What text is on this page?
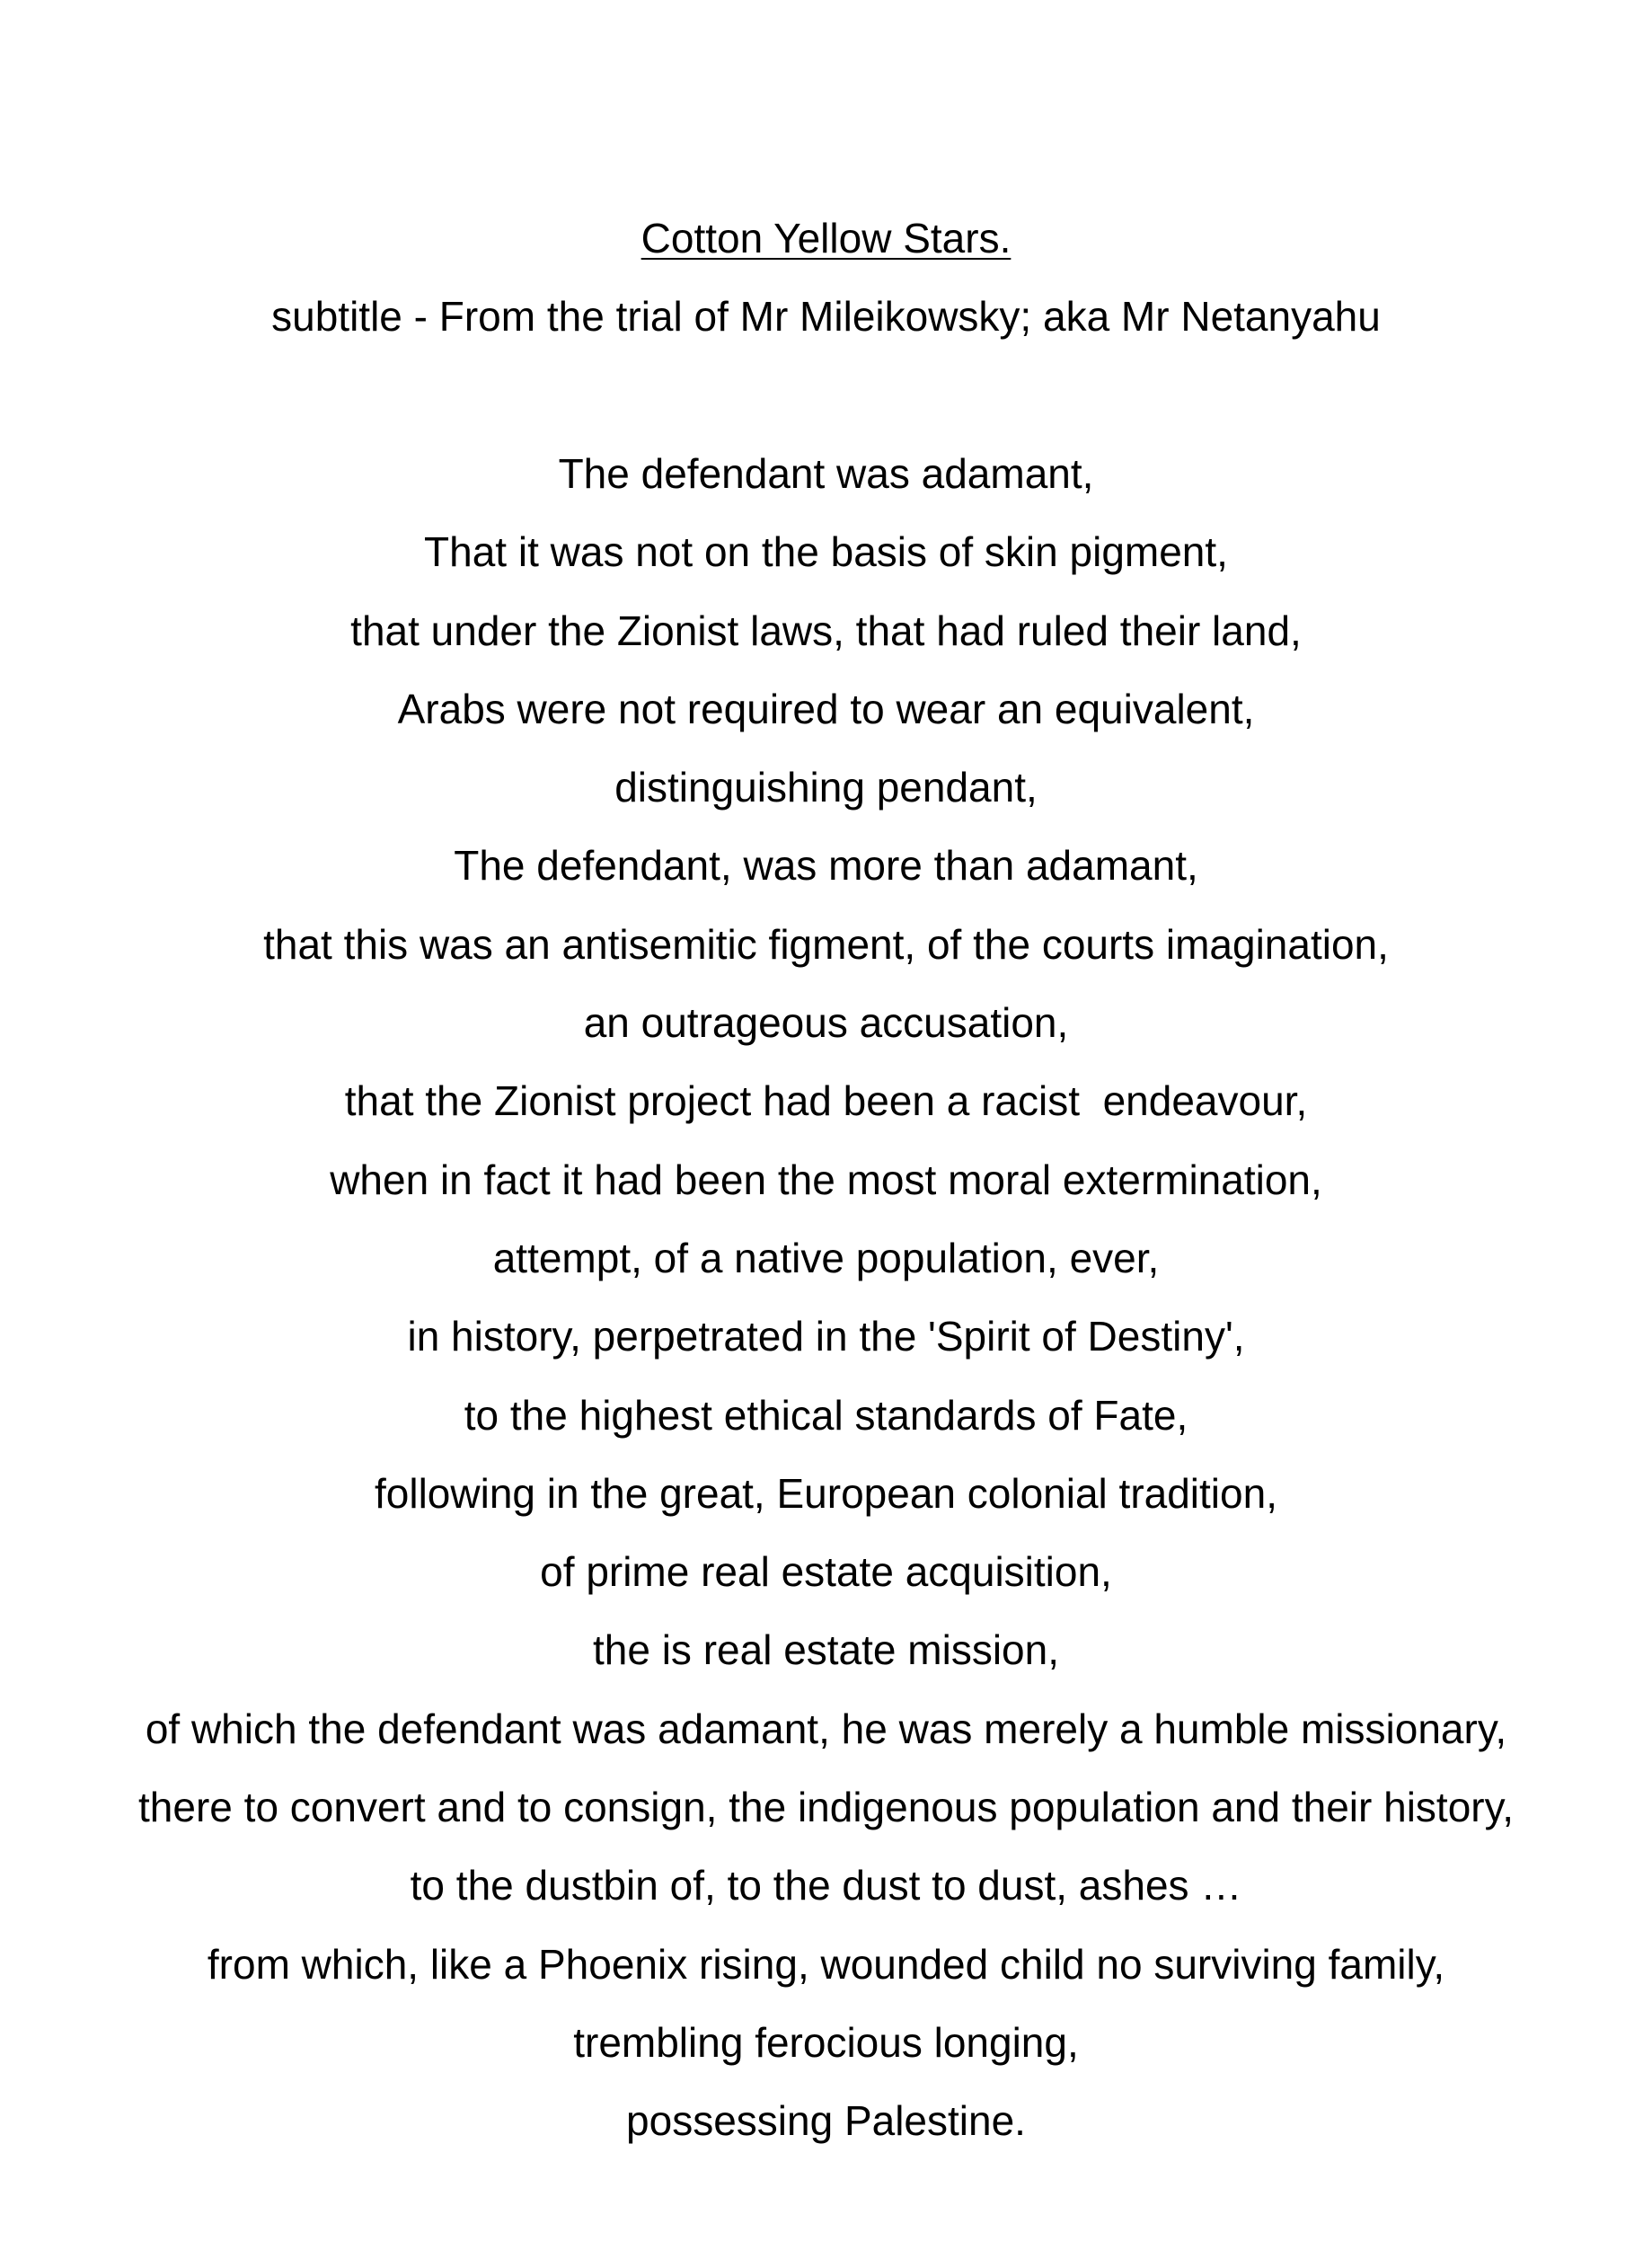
Cotton Yellow Stars.
subtitle - From the trial of Mr Mileikowsky; aka Mr Netanyahu
The defendant was adamant,
That it was not on the basis of skin pigment,
that under the Zionist laws, that had ruled their land,
Arabs were not required to wear an equivalent,
distinguishing pendant,
The defendant, was more than adamant,
that this was an antisemitic figment, of the courts imagination,
an outrageous accusation,
that the Zionist project had been a racist  endeavour,
when in fact it had been the most moral extermination,
attempt, of a native population, ever,
in history, perpetrated in the 'Spirit of Destiny',
to the highest ethical standards of Fate,
following in the great, European colonial tradition,
of prime real estate acquisition,
the is real estate mission,
of which the defendant was adamant, he was merely a humble missionary,
there to convert and to consign, the indigenous population and their history,
to the dustbin of, to the dust to dust, ashes …
from which, like a Phoenix rising, wounded child no surviving family,
trembling ferocious longing,
possessing Palestine.
